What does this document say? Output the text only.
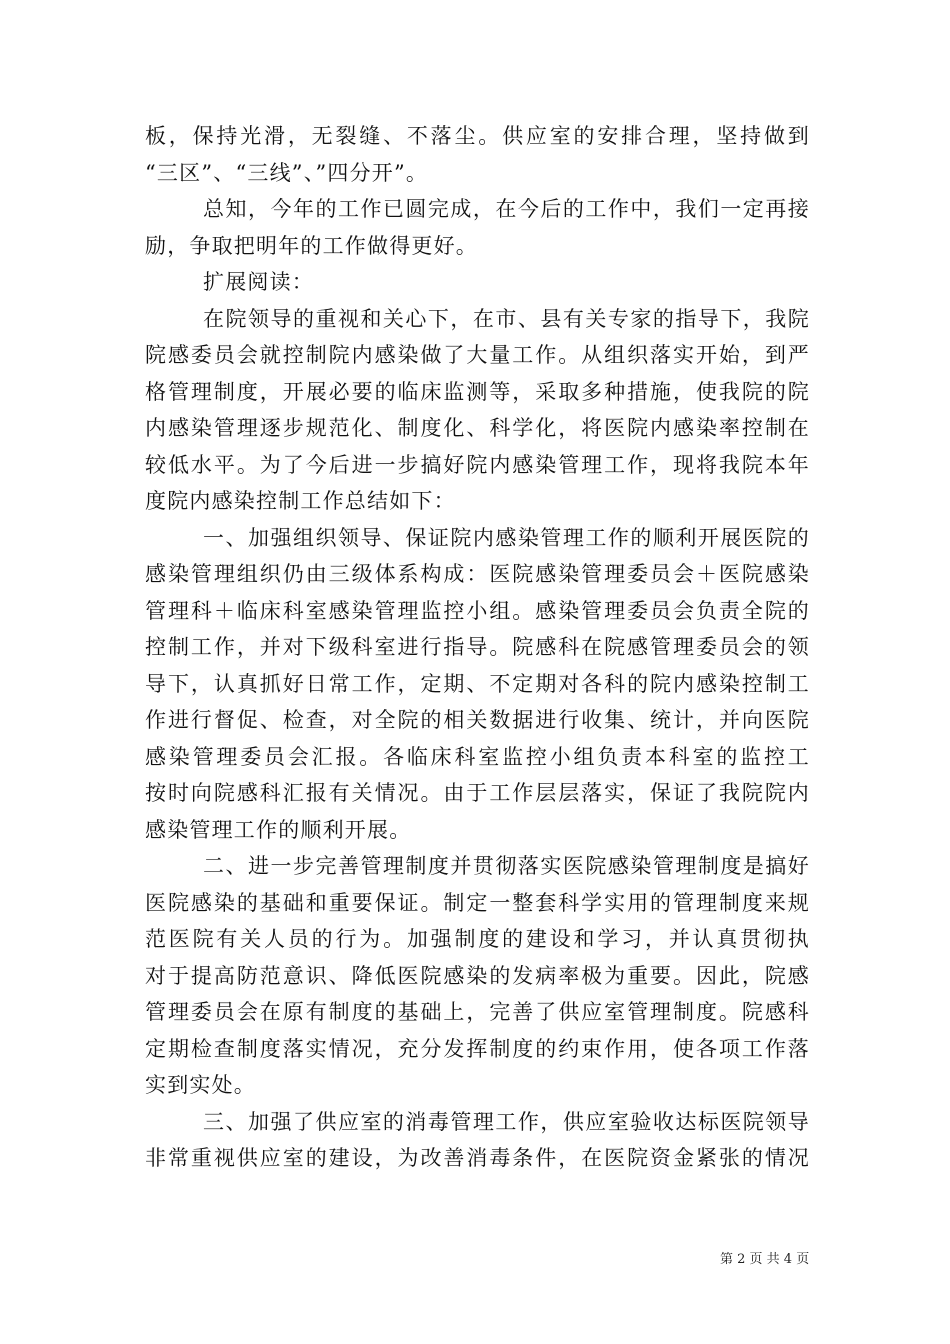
板，保持光滑，无裂缝、不落尘。供应室的安排合理，坚持做到
“三区”、“三线”、”四分开”。
总知，今年的工作已圆完成，在今后的工作中，我们一定再接
励，争取把明年的工作做得更好。
扩展阅读：
在院领导的重视和关心下，在市、县有关专家的指导下，我院
院感委员会就控制院内感染做了大量工作。从组织落实开始，到严
格管理制度，开展必要的临床监测等，采取多种措施，使我院的院
内感染管理逐步规范化、制度化、科学化，将医院内感染率控制在
较低水平。为了今后进一步搞好院内感染管理工作，现将我院本年
度院内感染控制工作总结如下：
一、加强组织领导、保证院内感染管理工作的顺利开展医院的
感染管理组织仍由三级体系构成：医院感染管理委员会＋医院感染
管理科＋临床科室感染管理监控小组。感染管理委员会负责全院的
控制工作，并对下级科室进行指导。院感科在院感管理委员会的领
导下，认真抓好日常工作，定期、不定期对各科的院内感染控制工
作进行督促、检查，对全院的相关数据进行收集、统计，并向医院
感染管理委员会汇报。各临床科室监控小组负责本科室的监控工
按时向院感科汇报有关情况。由于工作层层落实，保证了我院院内
感染管理工作的顺利开展。
二、进一步完善管理制度并贯彻落实医院感染管理制度是搞好
医院感染的基础和重要保证。制定一整套科学实用的管理制度来规
范医院有关人员的行为。加强制度的建设和学习，并认真贯彻执
对于提高防范意识、降低医院感染的发病率极为重要。因此，院感
管理委员会在原有制度的基础上，完善了供应室管理制度。院感科
定期检查制度落实情况，充分发挥制度的约束作用，使各项工作落
实到实处。
三、加强了供应室的消毒管理工作，供应室验收达标医院领导
非常重视供应室的建设，为改善消毒条件，在医院资金紧张的情况
第 2 页 共 4 页
